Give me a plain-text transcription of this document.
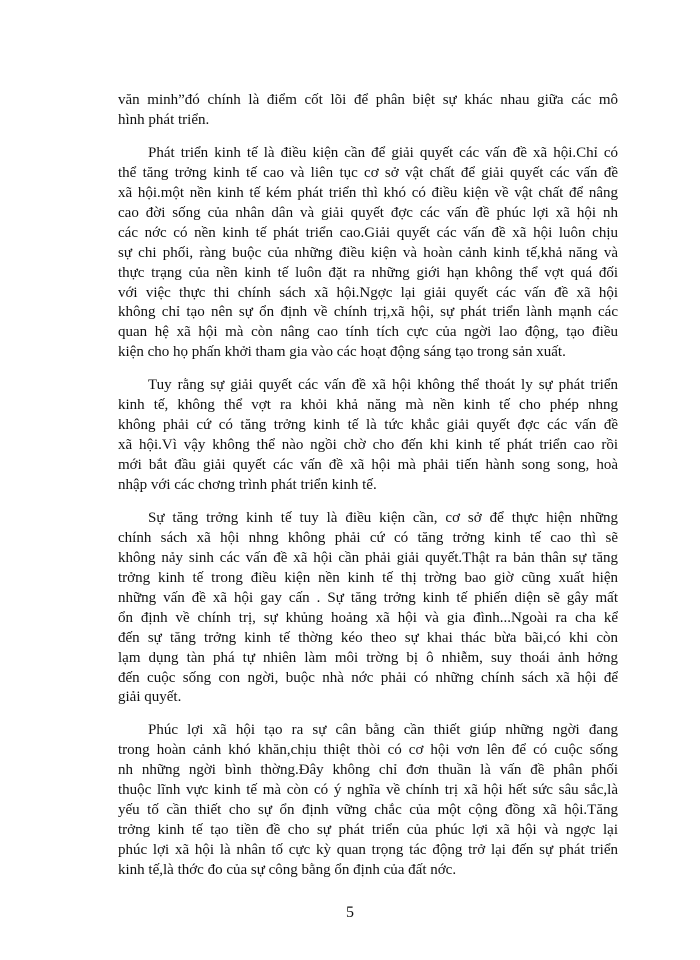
văn minh”đó chính là điểm cốt lõi để phân biệt sự khác nhau giữa các mô
hình phát triển.
Phát triển kinh tế là điều kiện cần để giải quyết các vấn đề xã hội.Chỉ có
thể tăng trởng kinh tế cao và liên tục cơ sở vật chất để giải quyết các vấn đề
xã hội.một nền kinh tế kém phát triển thì khó có điều kiện về vật chất để nâng
cao đời sống của nhân dân và giải quyết đợc các vấn đề phúc lợi xã hội nh
các nớc có nền kinh tế phát triển cao.Giải quyết các vấn đề xã hội luôn chịu
sự chi phối, ràng buộc của những điều kiện và hoàn cảnh kinh tế,khả năng và
thực trạng của nền kinh tế luôn đặt ra những giới hạn không thể vợt quá đối
với việc thực thi chính sách xã hội.Ngợc lại giải quyết các vấn đề xã hội
không chỉ tạo nên sự ổn định về chính trị,xã hội, sự phát triển lành mạnh các
quan hệ xã hội mà còn nâng cao tính tích cực của ngời lao động, tạo điều
kiện cho họ phấn khởi tham gia vào các hoạt động sáng tạo trong sản xuất.
Tuy rằng sự giải quyết các vấn đề xã hội không thể thoát ly sự phát triển
kinh tế, không thể vợt ra khỏi khả năng mà nền kinh tế cho phép nhng
không phải cứ có tăng trởng kinh tế là tức khắc giải quyết đợc các vấn đề
xã hội.Vì vậy không thể nào ngồi chờ cho đến khi kinh tế phát triển cao rồi
mới bắt đầu giải quyết các vấn đề xã hội mà phải tiến hành song song, hoà
nhập với các chơng trình phát triển kinh tế.
Sự tăng trởng kinh tế tuy là điều kiện cần, cơ sở để thực hiện những
chính sách xã hội nhng không phải cứ có tăng trởng kinh tế cao thì sẽ
không nảy sinh các vấn đề xã hội cần phải giải quyết.Thật ra bản thân sự tăng
trởng kinh tế trong điều kiện nền kinh tế thị trờng bao giờ cũng xuất hiện
những vấn đề xã hội gay cấn . Sự tăng trởng kinh tế phiến diện sẽ gây mất
ổn định về chính trị, sự khủng hoảng xã hội và gia đình...Ngoài ra cha kể
đến sự tăng trởng kinh tế thờng kéo theo sự khai thác bừa bãi,có khi còn
lạm dụng tàn phá tự nhiên làm môi trờng bị ô nhiễm, suy thoái ảnh hởng
đến cuộc sống con ngời, buộc nhà nớc phải có những chính sách xã hội để
giải quyết.
Phúc lợi xã hội tạo ra sự cân bằng cần thiết giúp những ngời đang
trong hoàn cảnh khó khăn,chịu thiệt thòi có cơ hội vơn lên để có cuộc sống
nh những ngời bình thờng.Đây không chỉ đơn thuần là vấn đề phân phối
thuộc lĩnh vực kinh tế mà còn có ý nghĩa về chính trị xã hội hết sức sâu sắc,là
yếu tố cần thiết cho sự ổn định vững chắc của một cộng đồng xã hội.Tăng
trởng kinh tế tạo tiền đề cho sự phát triển của phúc lợi xã hội và ngợc lại
phúc lợi xã hội là nhân tố cực kỳ quan trọng tác động trở lại đến sự phát triển
kinh tế,là thớc đo của sự công bằng ổn định của đất nớc.
5
